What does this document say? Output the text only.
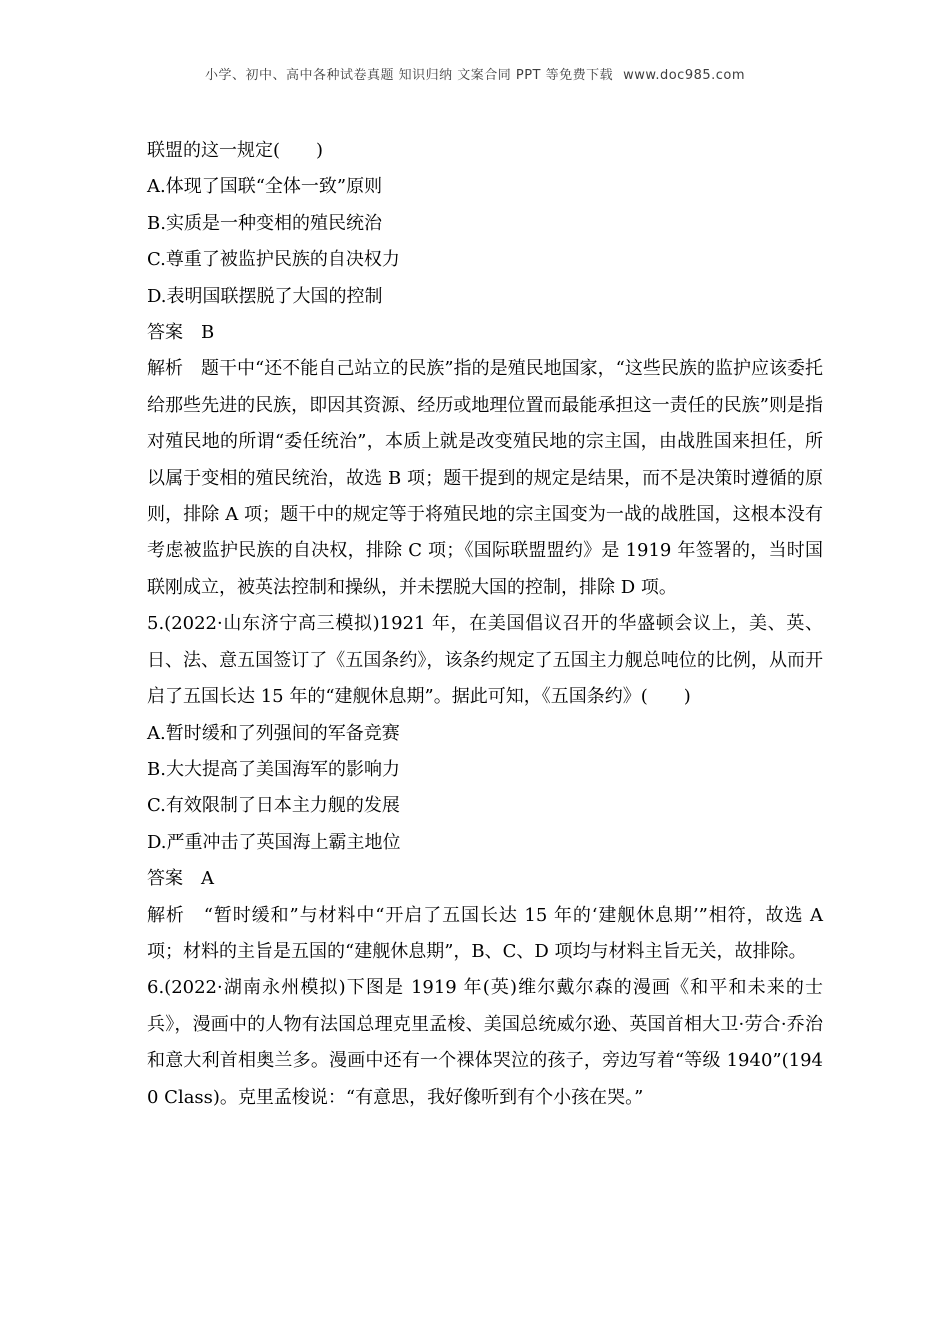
小学、初中、高中各种试卷真题 知识归纳 文案合同 PPT 等免费下载 www.doc985.com

联盟的这一规定(　　)

A.体现了国联“全体一致”原则

B.实质是一种变相的殖民统治

C.尊重了被监护民族的自决权力

D.表明国联摆脱了大国的控制

答案　B

解析　题干中“还不能自己站立的民族”指的是殖民地国家，“这些民族的监护应该委托给那些先进的民族，即因其资源、经历或地理位置而最能承担这一责任的民族”则是指对殖民地的所谓“委任统治”，本质上就是改变殖民地的宗主国，由战胜国来担任，所以属于变相的殖民统治，故选 B 项；题干提到的规定是结果，而不是决策时遵循的原则，排除 A 项；题干中的规定等于将殖民地的宗主国变为一战的战胜国，这根本没有考虑被监护民族的自决权，排除 C 项；《国际联盟盟约》是 1919 年签署的，当时国联刚成立，被英法控制和操纵，并未摆脱大国的控制，排除 D 项。

5.(2022·山东济宁高三模拟)1921 年，在美国倡议召开的华盛顿会议上，美、英、日、法、意五国签订了《五国条约》，该条约规定了五国主力舰总吨位的比例，从而开启了五国长达 15 年的“建舰休息期”。据此可知，《五国条约》(　　)

A.暂时缓和了列强间的军备竞赛

B.大大提高了美国海军的影响力

C.有效限制了日本主力舰的发展

D.严重冲击了英国海上霸主地位

答案　A

解析　“暂时缓和”与材料中“开启了五国长达 15 年的‘建舰休息期’”相符，故选 A 项；材料的主旨是五国的“建舰休息期”，B、C、D 项均与材料主旨无关，故排除。

6.(2022·湖南永州模拟)下图是 1919 年(英)维尔戴尔森的漫画《和平和未来的士兵》，漫画中的人物有法国总理克里孟梭、美国总统威尔逊、英国首相大卫·劳合·乔治和意大利首相奥兰多。漫画中还有一个裸体哭泣的孩子，旁边写着“等级 1940”(1940 Class)。克里孟梭说：“有意思，我好像听到有个小孩在哭。”
